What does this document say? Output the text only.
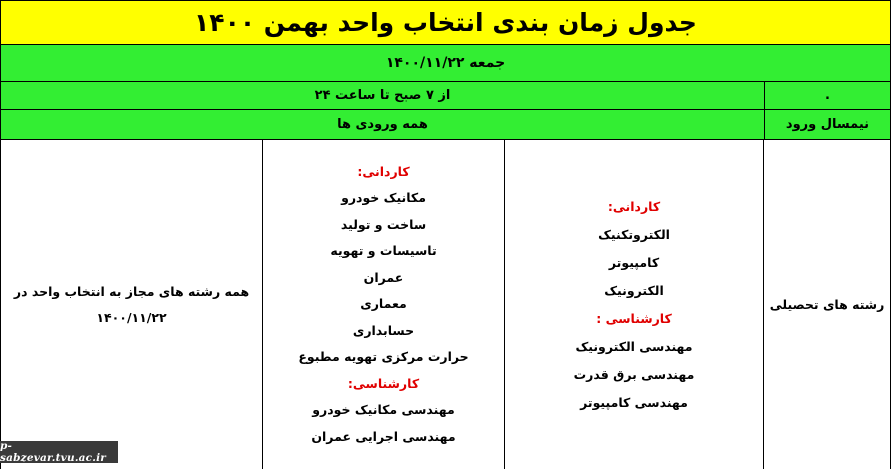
جدول زمان بندی انتخاب واحد بهمن ۱۴۰۰
جمعه ۱۴۰۰/۱۱/۲۲
از ۷ صبح تا ساعت ۲۴	.
همه ورودی ها	نیمسال ورود
همه رشته های مجاز به انتخاب واحد در
۱۴۰۰/۱۱/۲۲
کاردانی:
مکانیک خودرو
ساخت و تولید
تاسیسات و تهویه
عمران
معماری
حسابداری
حرارت مرکزی تهویه مطبوع
کارشناسی:
مهندسی مکانیک خودرو
مهندسی اجرایی عمران
کاردانی:
الکتروتکنیک
کامپیوتر
الکترونیک
کارشناسی :
مهندسی الکترونیک
مهندسی برق قدرت
مهندسی کامپیوتر
رشته های تحصیلی
p-sabzevar.tvu.ac.ir
